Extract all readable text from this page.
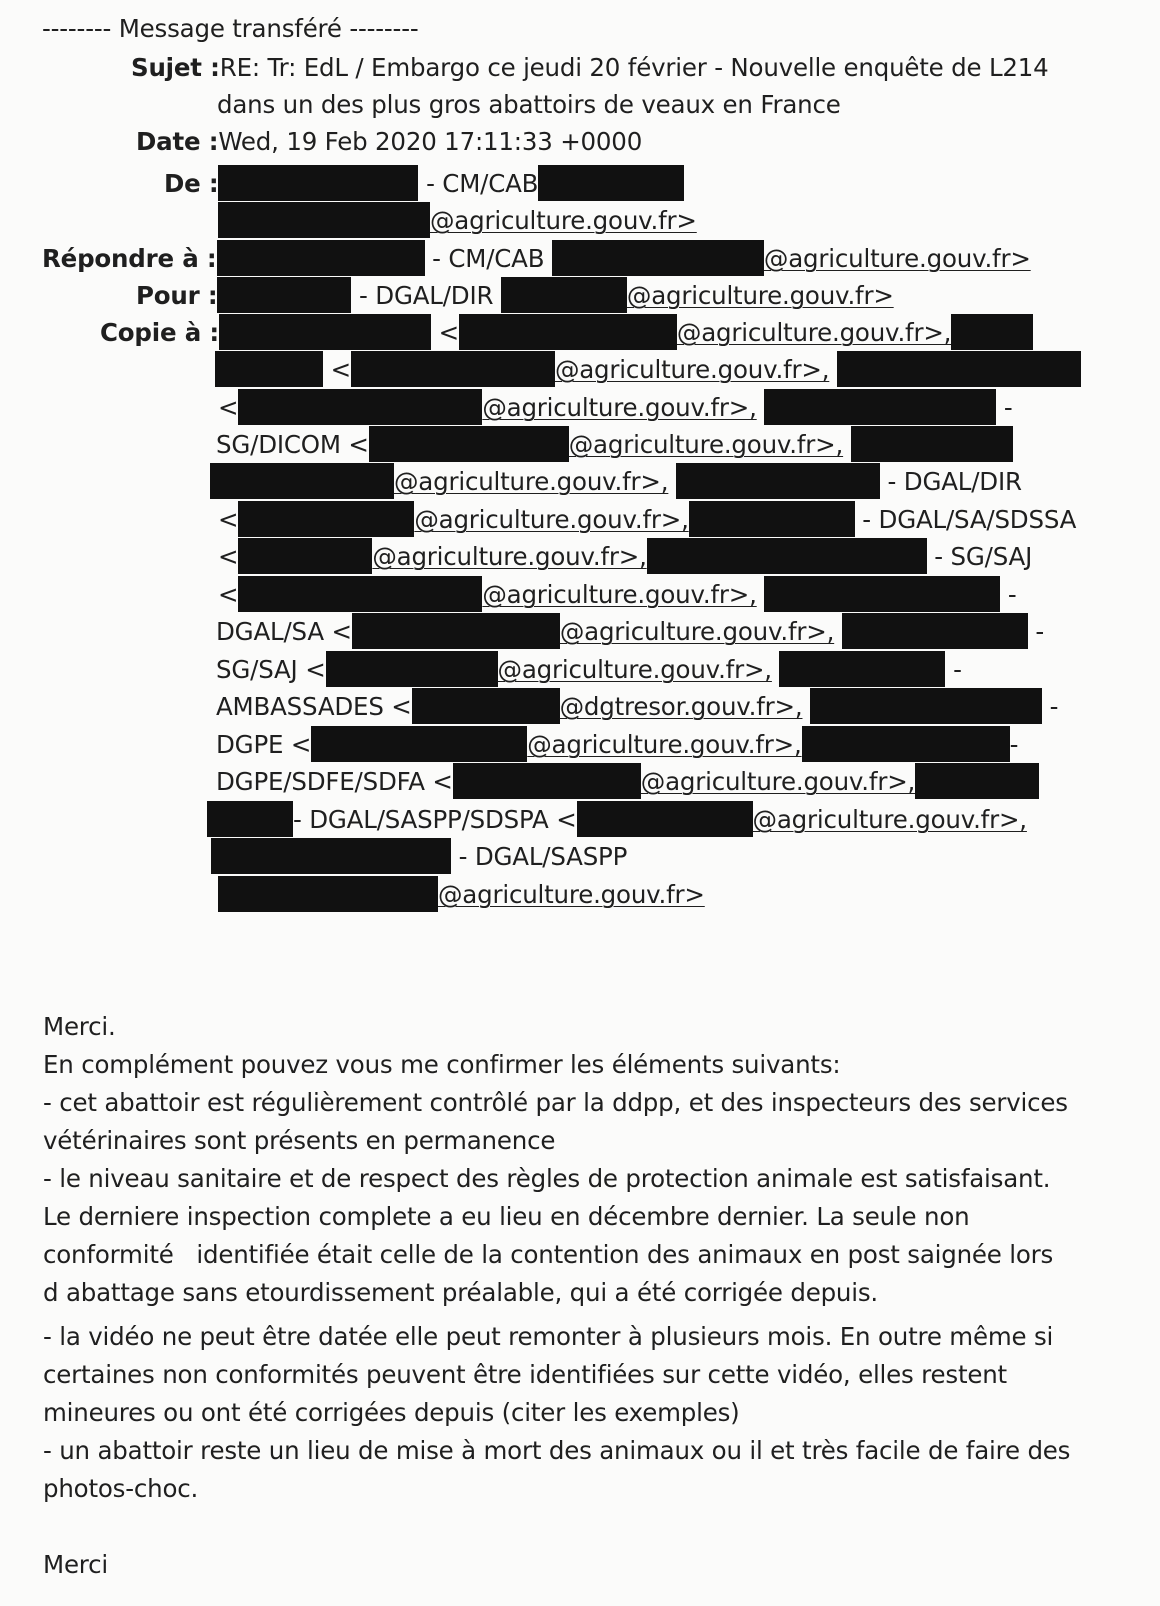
-------- Message transféré --------
Sujet :RE: Tr: EdL / Embargo ce jeudi 20 février - Nouvelle enquête de L214
dans un des plus gros abattoirs de veaux en France
Date :Wed, 19 Feb 2020 17:11:33 +0000
De :	- CM/CAB
@agriculture.gouv.fr>
Répondre à :	- CM/CAB	@agriculture.gouv.fr>
Pour :	- DGAL/DIR	@agriculture.gouv.fr>
Copie à :	<	@agriculture.gouv.fr>,
<	@agriculture.gouv.fr>,
<	@agriculture.gouv.fr>,	-
SG/DICOM <	@agriculture.gouv.fr>,
@agriculture.gouv.fr>,	- DGAL/DIR
<	@agriculture.gouv.fr>,	- DGAL/SA/SDSSA
<	@agriculture.gouv.fr>,	- SG/SAJ
<	@agriculture.gouv.fr>,	-
DGAL/SA <	@agriculture.gouv.fr>,	-
SG/SAJ <	@agriculture.gouv.fr>,	-
AMBASSADES <	@dgtresor.gouv.fr>,	-
DGPE <	@agriculture.gouv.fr>,	-
DGPE/SDFE/SDFA <	@agriculture.gouv.fr>,
- DGAL/SASPP/SDSPA <	@agriculture.gouv.fr>,
- DGAL/SASPP
@agriculture.gouv.fr>

Merci.

En complément pouvez vous me confirmer les éléments suivants:

- cet abattoir est régulièrement contrôlé par la ddpp, et des inspecteurs des services

vétérinaires sont présents en permanence

- le niveau sanitaire et de respect des règles de protection animale est satisfaisant.

Le derniere inspection complete a eu lieu en décembre dernier. La seule non

conformité   identifiée était celle de la contention des animaux en post saignée lors

d abattage sans etourdissement préalable, qui a été corrigée depuis.

- la vidéo ne peut être datée elle peut remonter à plusieurs mois. En outre même si

certaines non conformités peuvent être identifiées sur cette vidéo, elles restent

mineures ou ont été corrigées depuis (citer les exemples)

- un abattoir reste un lieu de mise à mort des animaux ou il et très facile de faire des

photos-choc.

Merci
